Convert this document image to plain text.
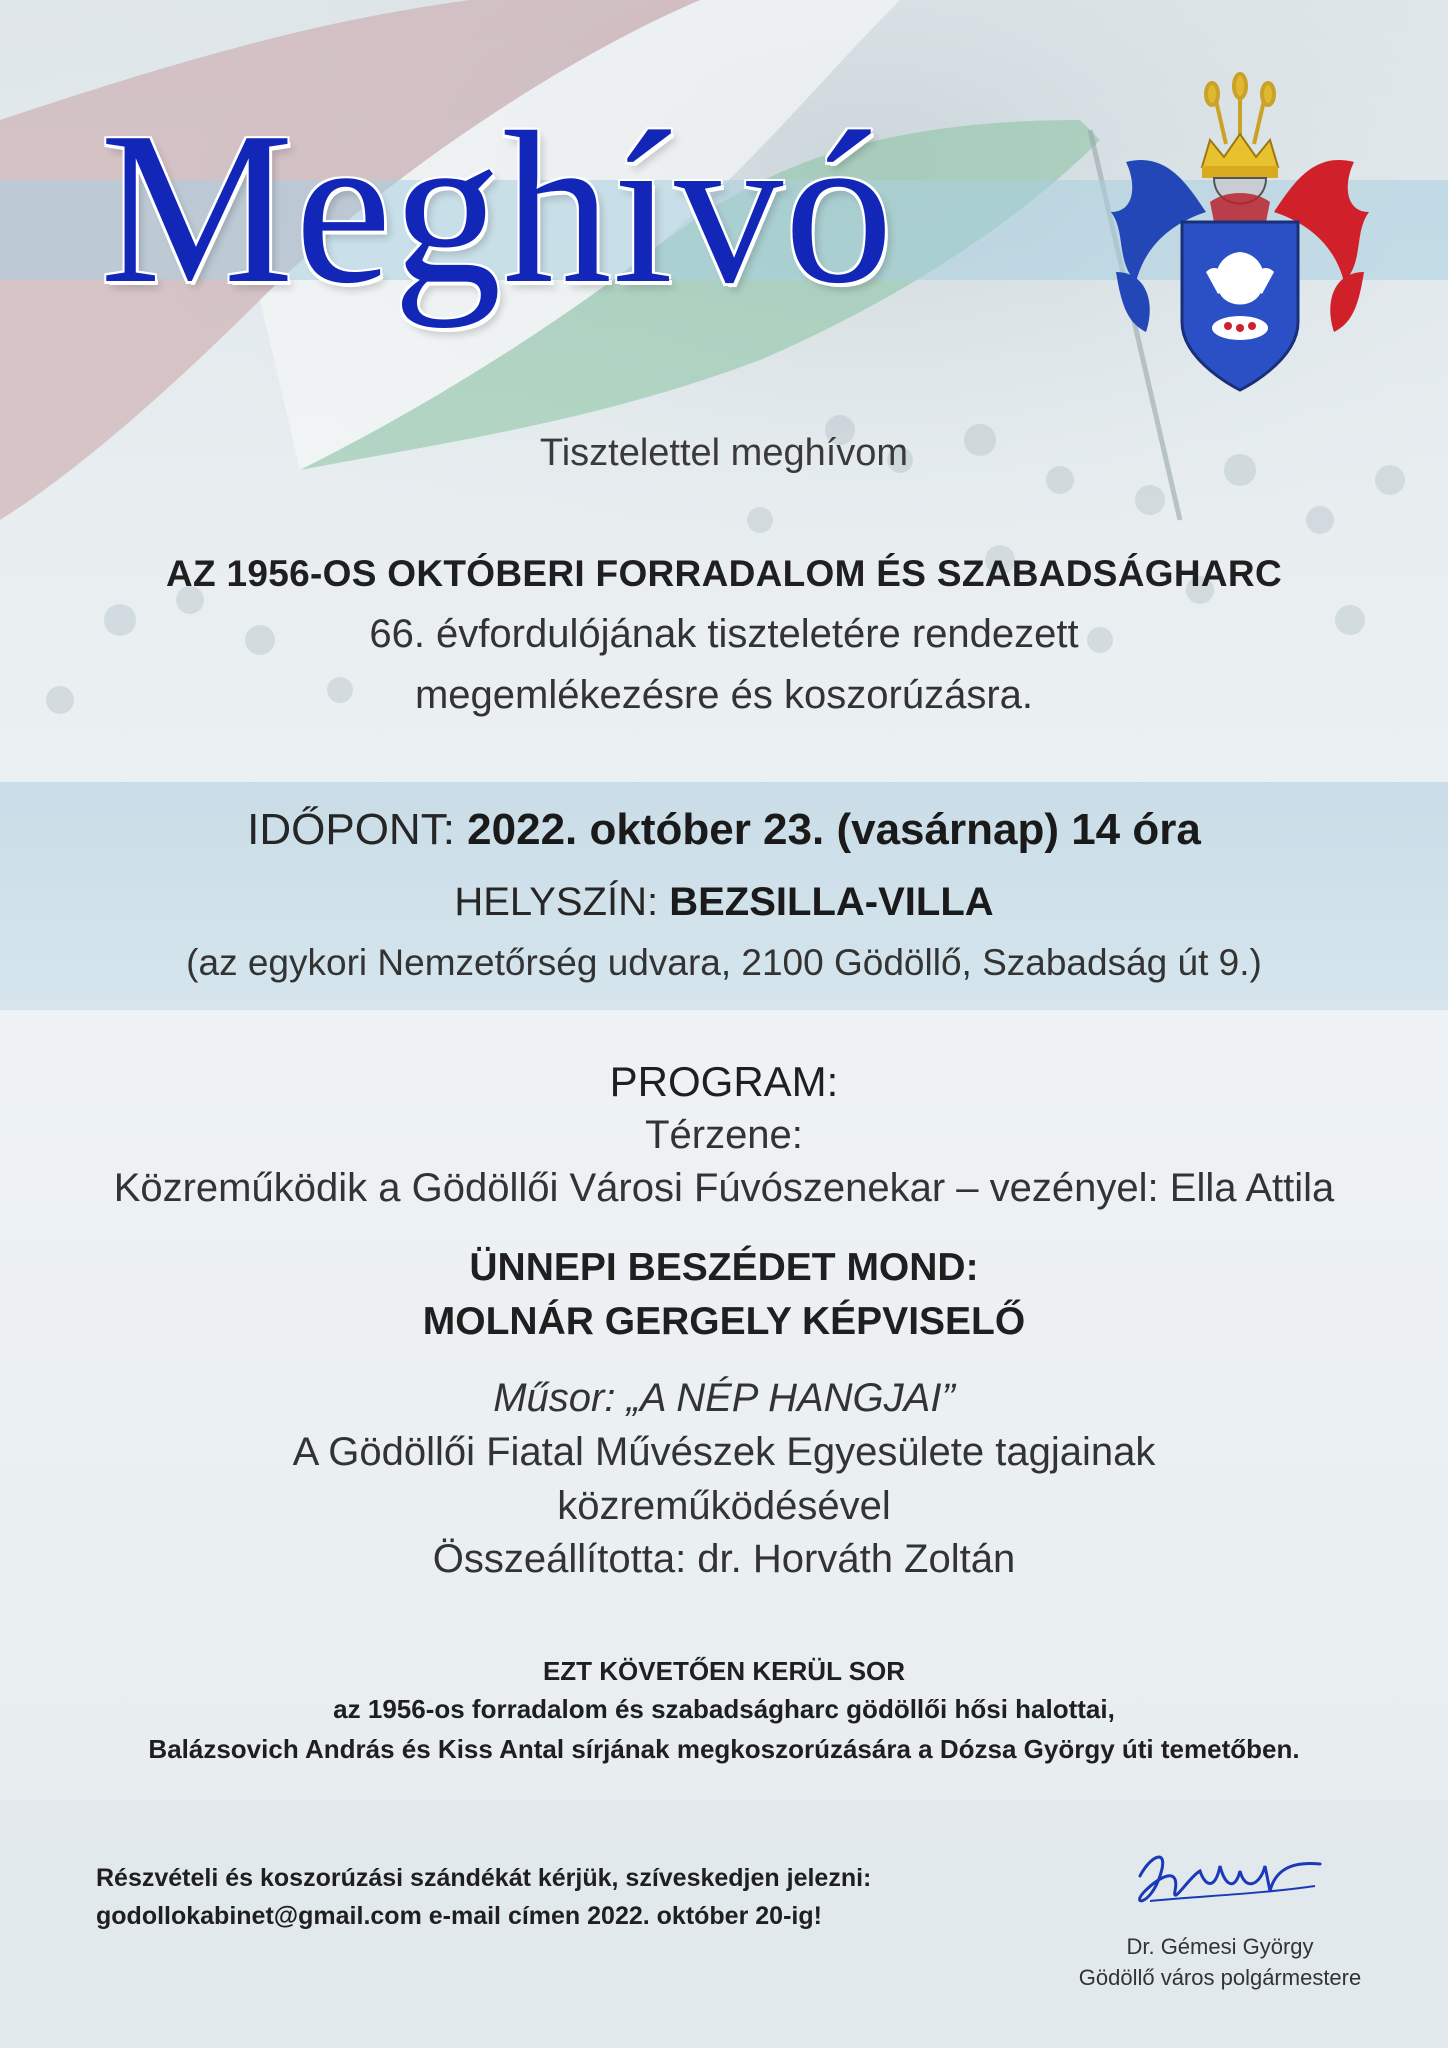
Meghívó
Tisztelettel meghívom
AZ 1956-OS OKTÓBERI FORRADALOM ÉS SZABADSÁGHARC
66. évfordulójának tiszteletére rendezett
megemlékezésre és koszorúzásra.
IDŐPONT: 2022. október 23. (vasárnap) 14 óra
HELYSZÍN: BEZSILLA-VILLA
(az egykori Nemzetőrség udvara, 2100 Gödöllő, Szabadság út 9.)
PROGRAM:
Térzene:
Közreműködik a Gödöllői Városi Fúvószenekar – vezényel: Ella Attila
ÜNNEPI BESZÉDET MOND:
MOLNÁR GERGELY KÉPVISELŐ
Műsor: „A NÉP HANGJAI”
A Gödöllői Fiatal Művészek Egyesülete tagjainak
közreműködésével
Összeállította: dr. Horváth Zoltán
EZT KÖVETŐEN KERÜL SOR
az 1956-os forradalom és szabadságharc gödöllői hősi halottai,
Balázsovich András és Kiss Antal sírjának megkoszorúzására a Dózsa György úti temetőben.
Részvételi és koszorúzási szándékát kérjük, szíveskedjen jelezni:
godollokabinet@gmail.com e-mail címen 2022. október 20-ig!
Dr. Gémesi György
Gödöllő város polgármestere
